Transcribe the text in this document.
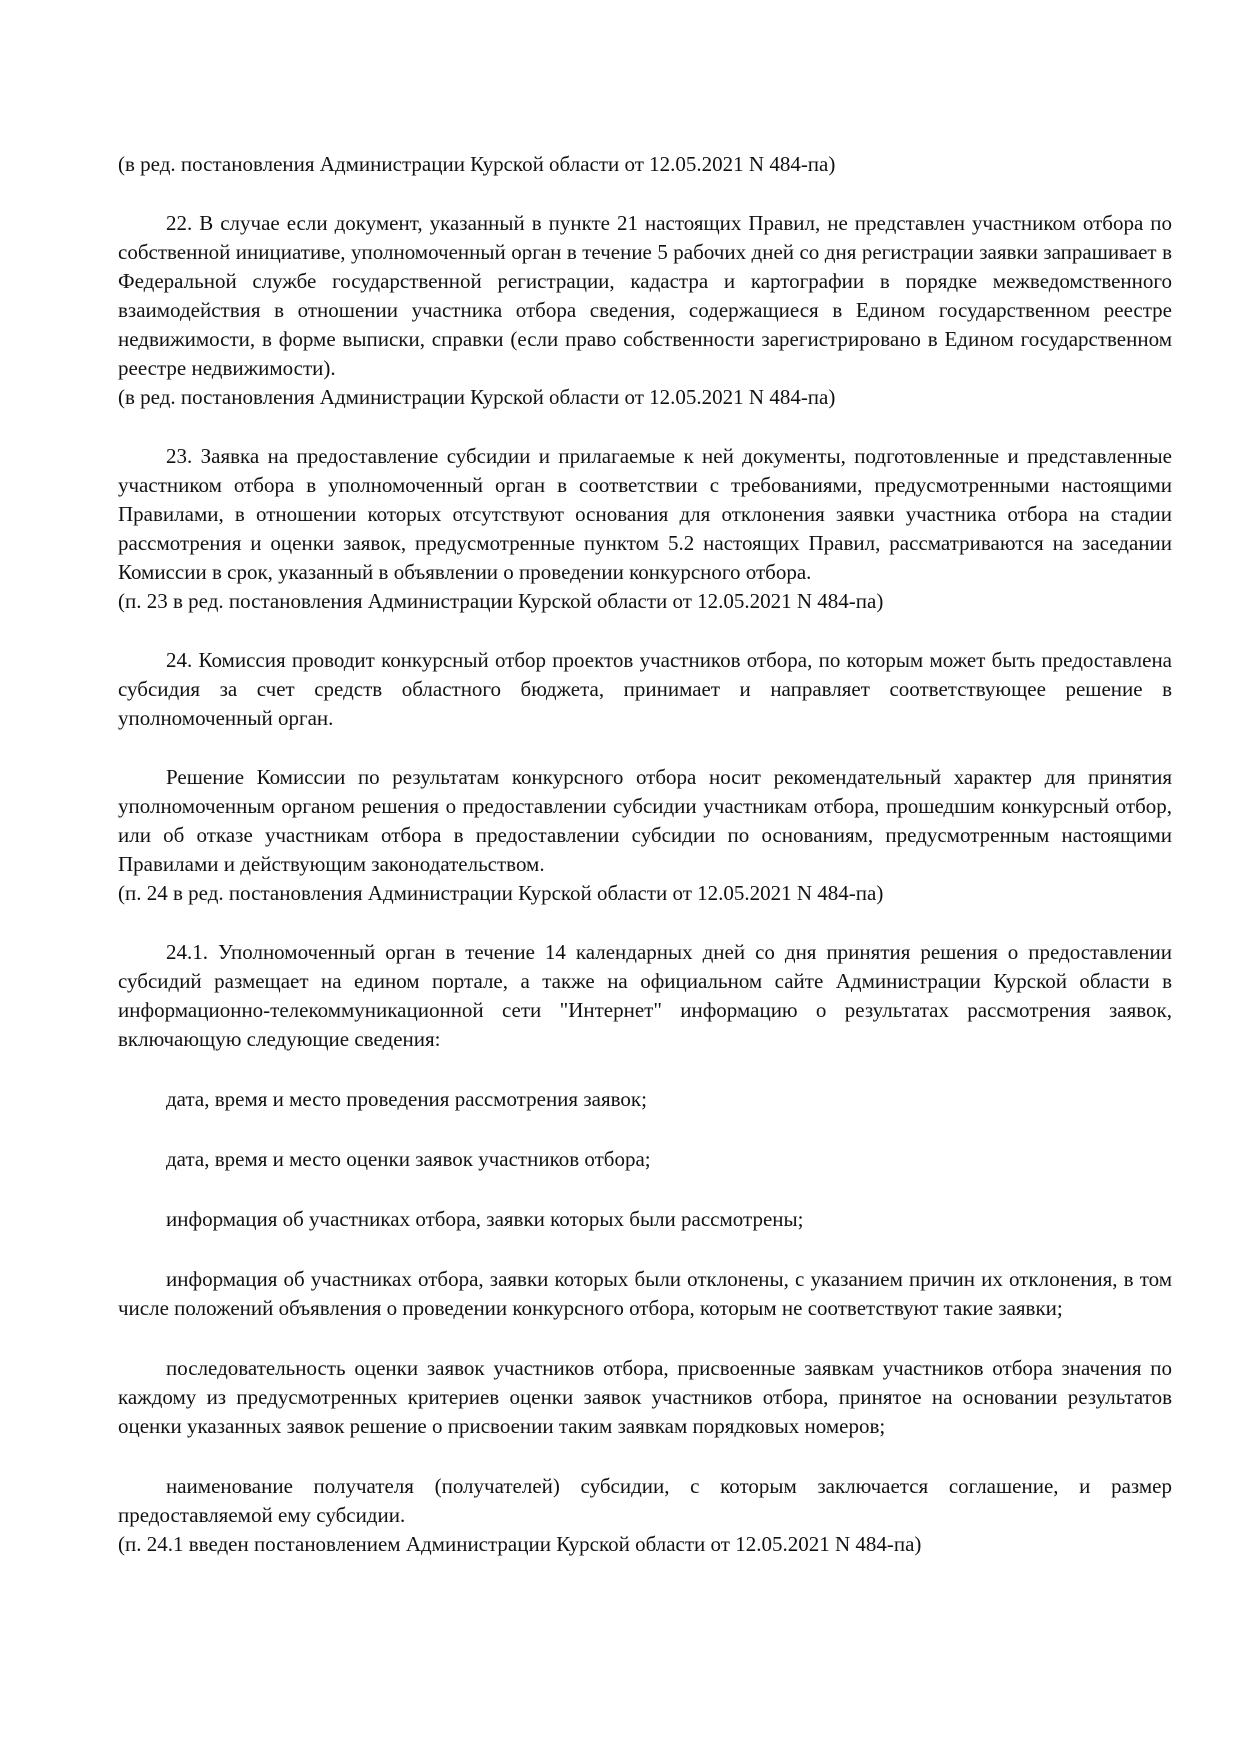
(в ред. постановления Администрации Курской области от 12.05.2021 N 484-па)

22. В случае если документ, указанный в пункте 21 настоящих Правил, не представлен участником отбора по собственной инициативе, уполномоченный орган в течение 5 рабочих дней со дня регистрации заявки запрашивает в Федеральной службе государственной регистрации, кадастра и картографии в порядке межведомственного взаимодействия в отношении участника отбора сведения, содержащиеся в Едином государственном реестре недвижимости, в форме выписки, справки (если право собственности зарегистрировано в Едином государственном реестре недвижимости).

(в ред. постановления Администрации Курской области от 12.05.2021 N 484-па)

23. Заявка на предоставление субсидии и прилагаемые к ней документы, подготовленные и представленные участником отбора в уполномоченный орган в соответствии с требованиями, предусмотренными настоящими Правилами, в отношении которых отсутствуют основания для отклонения заявки участника отбора на стадии рассмотрения и оценки заявок, предусмотренные пунктом 5.2 настоящих Правил, рассматриваются на заседании Комиссии в срок, указанный в объявлении о проведении конкурсного отбора.

(п. 23 в ред. постановления Администрации Курской области от 12.05.2021 N 484-па)

24. Комиссия проводит конкурсный отбор проектов участников отбора, по которым может быть предоставлена субсидия за счет средств областного бюджета, принимает и направляет соответствующее решение в уполномоченный орган.

Решение Комиссии по результатам конкурсного отбора носит рекомендательный характер для принятия уполномоченным органом решения о предоставлении субсидии участникам отбора, прошедшим конкурсный отбор, или об отказе участникам отбора в предоставлении субсидии по основаниям, предусмотренным настоящими Правилами и действующим законодательством.

(п. 24 в ред. постановления Администрации Курской области от 12.05.2021 N 484-па)

24.1. Уполномоченный орган в течение 14 календарных дней со дня принятия решения о предоставлении субсидий размещает на едином портале, а также на официальном сайте Администрации Курской области в информационно-телекоммуникационной сети "Интернет" информацию о результатах рассмотрения заявок, включающую следующие сведения:

дата, время и место проведения рассмотрения заявок;

дата, время и место оценки заявок участников отбора;

информация об участниках отбора, заявки которых были рассмотрены;

информация об участниках отбора, заявки которых были отклонены, с указанием причин их отклонения, в том числе положений объявления о проведении конкурсного отбора, которым не соответствуют такие заявки;

последовательность оценки заявок участников отбора, присвоенные заявкам участников отбора значения по каждому из предусмотренных критериев оценки заявок участников отбора, принятое на основании результатов оценки указанных заявок решение о присвоении таким заявкам порядковых номеров;

наименование получателя (получателей) субсидии, с которым заключается соглашение, и размер предоставляемой ему субсидии.

(п. 24.1 введен постановлением Администрации Курской области от 12.05.2021 N 484-па)
